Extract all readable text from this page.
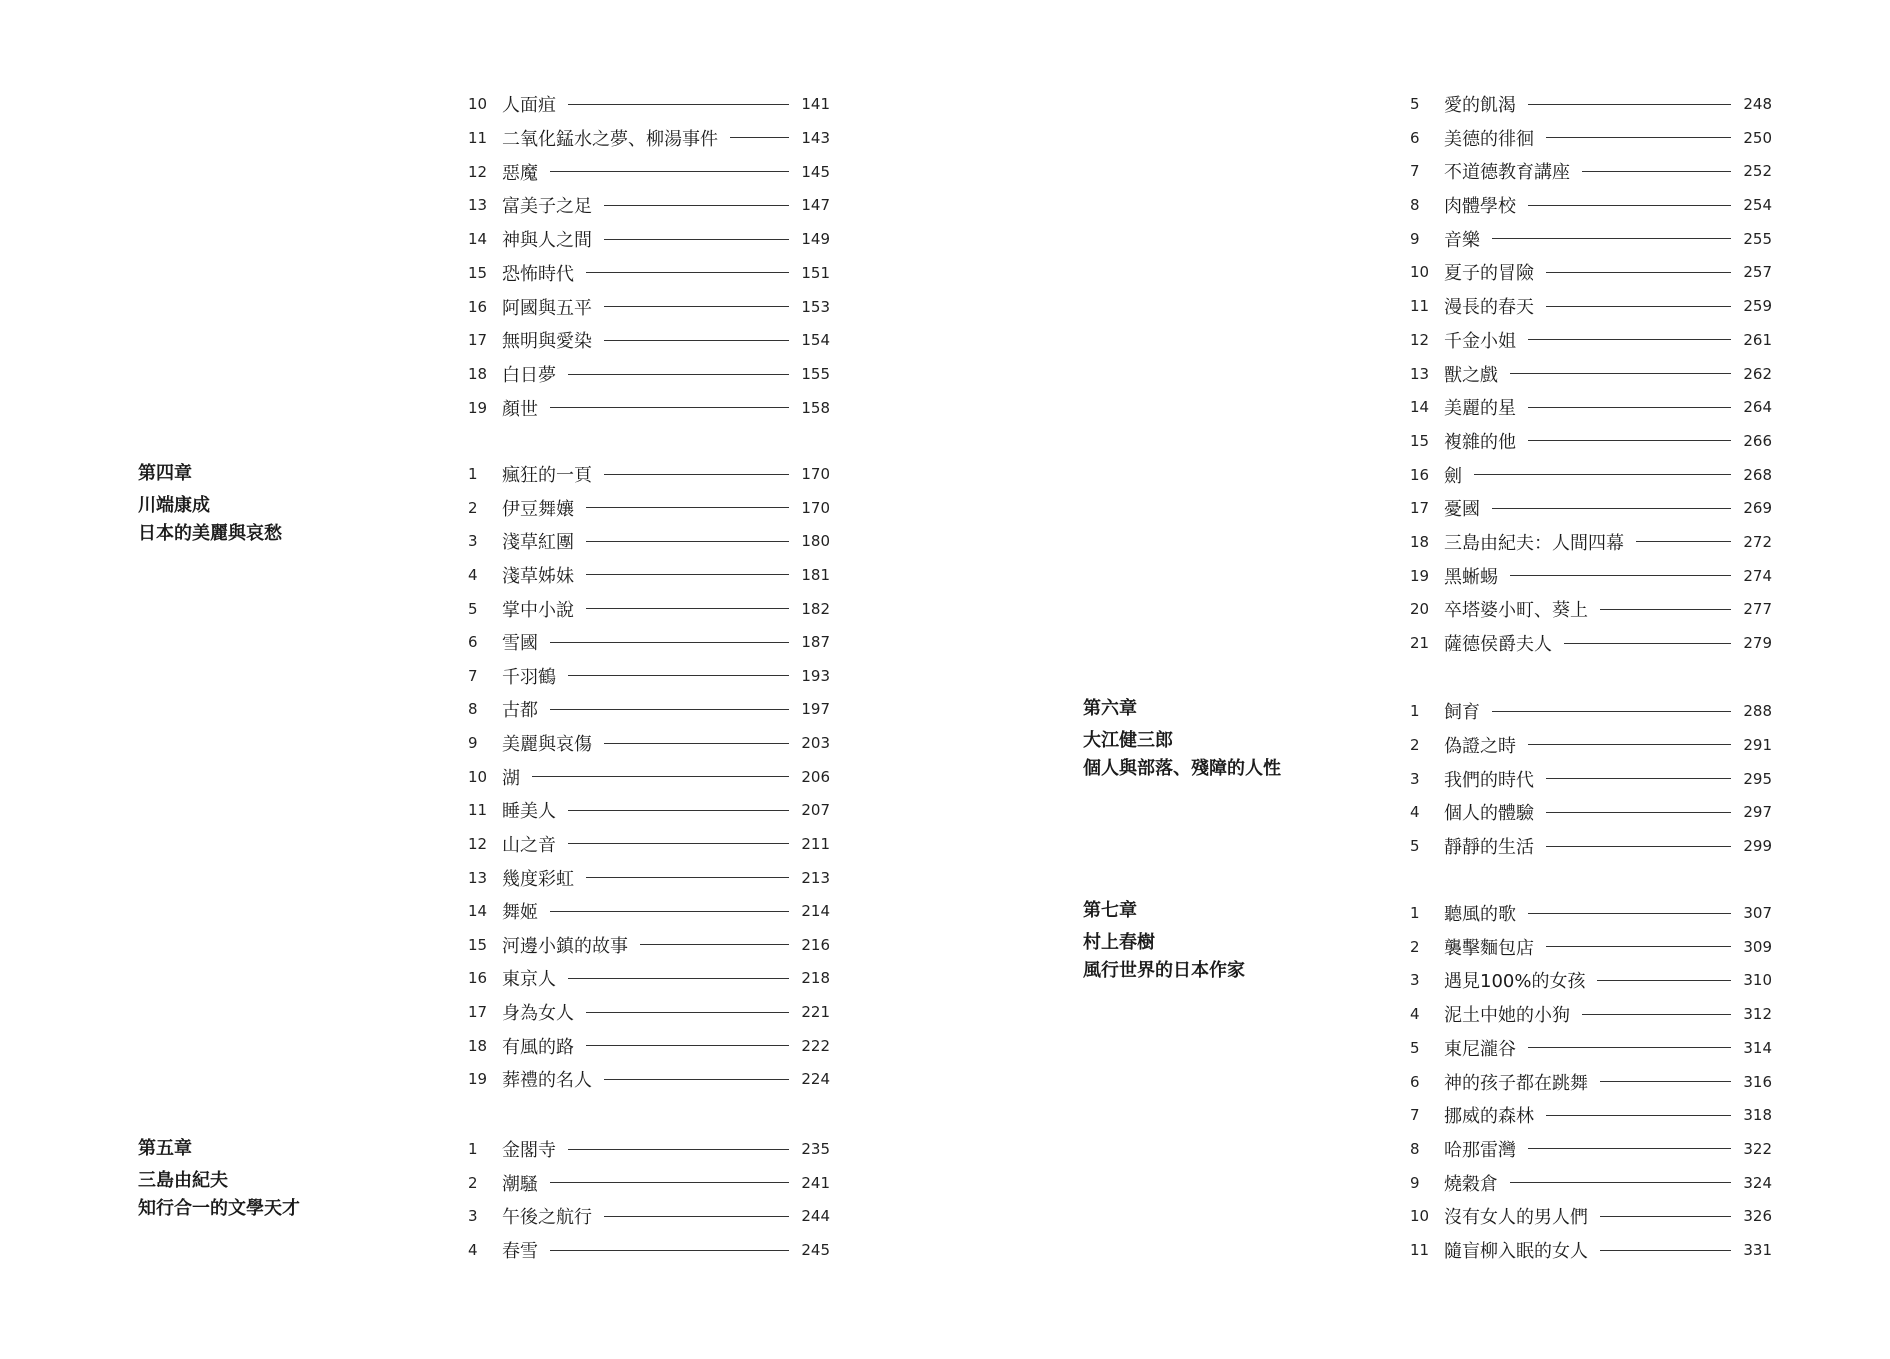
第四章
川端康成
日本的美麗與哀愁
第五章
三島由紀夫
知行合一的文學天才
第六章
大江健三郎
個人與部落、殘障的人性
第七章
村上春樹
風行世界的日本作家
10 人面疽	141
11 二氧化錳水之夢、柳湯事件	143
12 惡魔	145
13 富美子之足	147
14 神與人之間	149
15 恐怖時代	151
16 阿國與五平	153
17 無明與愛染	154
18 白日夢	155
19 顏世	158
1	瘋狂的一頁	170
2	伊豆舞孃	170
3	淺草紅團	180
4	淺草姊妹	181
5	掌中小說	182
6	雪國	187
7	千羽鶴	193
8	古都	197
9	美麗與哀傷	203
10 湖	206
11 睡美人	207
12 山之音	211
13 幾度彩虹	213
14 舞姬	214
15 河邊小鎮的故事	216
16 東京人	218
17 身為女人	221
18 有風的路	222
19 葬禮的名人	224
1	金閣寺	235
2	潮騷	241
3	午後之航行	244
4	春雪	245
5	愛的飢渴	248
6	美德的徘徊	250
7	不道德教育講座	252
8	肉體學校	254
9	音樂	255
10 夏子的冒險	257
11 漫長的春天	259
12 千金小姐	261
13 獸之戲	262
14 美麗的星	264
15 複雜的他	266
16 劍	268
17 憂國	269
18 三島由紀夫：人間四幕	272
19 黑蜥蜴	274
20 卒塔婆小町、葵上	277
21 薩德侯爵夫人	279
1	飼育	288
2	偽證之時	291
3	我們的時代	295
4	個人的體驗	297
5	靜靜的生活	299
1	聽風的歌	307
2	襲擊麵包店	309
3	遇見100%的女孩	310
4	泥土中她的小狗	312
5	東尼瀧谷	314
6	神的孩子都在跳舞	316
7	挪威的森林	318
8	哈那雷灣	322
9	燒穀倉	324
10 沒有女人的男人們	326
11 隨盲柳入眠的女人	331
